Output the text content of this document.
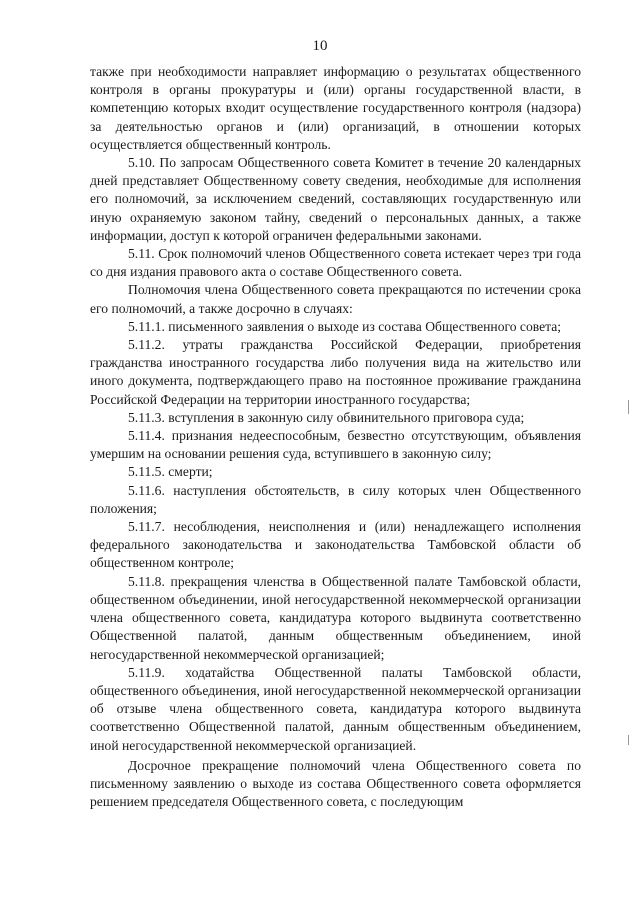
10

также при необходимости направляет информацию о результатах общественного контроля в органы прокуратуры и (или) органы государственной власти, в компетенцию которых входит осуществление государственного контроля (надзора) за деятельностью органов и (или) организаций, в отношении которых осуществляется общественный контроль.

5.10. По запросам Общественного совета Комитет в течение 20 календарных дней представляет Общественному совету сведения, необходимые для исполнения его полномочий, за исключением сведений, составляющих государственную или иную охраняемую законом тайну, сведений о персональных данных, а также информации, доступ к которой ограничен федеральными законами.

5.11. Срок полномочий членов Общественного совета истекает через три года со дня издания правового акта о составе Общественного совета.

Полномочия члена Общественного совета прекращаются по истечении срока его полномочий, а также досрочно в случаях:

5.11.1. письменного заявления о выходе из состава Общественного совета;

5.11.2. утраты гражданства Российской Федерации, приобретения гражданства иностранного государства либо получения вида на жительство или иного документа, подтверждающего право на постоянное проживание гражданина Российской Федерации на территории иностранного государства;

5.11.3. вступления в законную силу обвинительного приговора суда;

5.11.4. признания недееспособным, безвестно отсутствующим, объявления умершим на основании решения суда, вступившего в законную силу;

5.11.5. смерти;

5.11.6. наступления обстоятельств, в силу которых член Общественного положения;

5.11.7. несоблюдения, неисполнения и (или) ненадлежащего исполнения федерального законодательства и законодательства Тамбовской области об общественном контроле;

5.11.8. прекращения членства в Общественной палате Тамбовской области, общественном объединении, иной негосударственной некоммерческой организации члена общественного совета, кандидатура которого выдвинута соответственно Общественной палатой, данным общественным объединением, иной негосударственной некоммерческой организацией;

5.11.9. ходатайства Общественной палаты Тамбовской области, общественного объединения, иной негосударственной некоммерческой организации об отзыве члена общественного совета, кандидатура которого выдвинута соответственно Общественной палатой, данным общественным объединением, иной негосударственной некоммерческой организацией.

Досрочное прекращение полномочий члена Общественного совета по письменному заявлению о выходе из состава Общественного совета оформляется решением председателя Общественного совета, с последующим
